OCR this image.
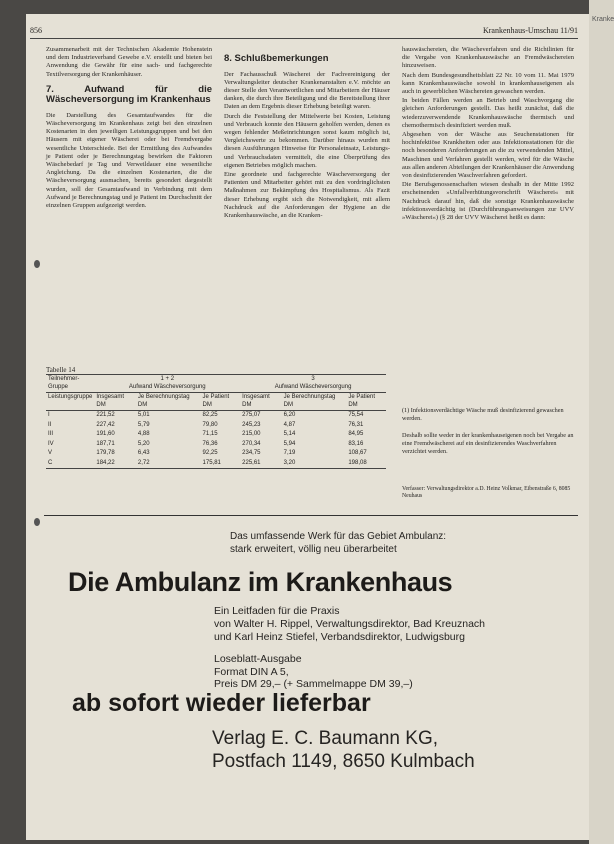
Kranke
856	Krankenhaus-Umschau 11/91

Zusammenarbeit mit der Technischen Akademie Hohenstein und dem Industrieverband Gewebe e.V. erstellt und bieten bei Anwendung die Gewähr für eine sach- und fachgerechte Textilversorgung der Krankenhäuser.

7. Aufwand für die Wäscheversorgung im Krankenhaus

Die Darstellung des Gesamtaufwandes für die Wäscheversorgung im Krankenhaus zeigt bei den einzelnen Kostenarten in den jeweiligen Leistungsgruppen und bei den Häusern mit eigener Wäscherei oder bei Fremdvergabe wesentliche Unterschiede. Bei der Ermittlung des Aufwandes je Patient oder je Berechnungstag bewirken die Faktoren Wäschebedarf je Tag und Verweildauer eine wesentliche Angleichung. Da die einzelnen Kostenarten, die die Wäscheversorgung ausmachen, bereits gesondert dargestellt wurden, soll der Gesamtaufwand in Verbindung mit dem Aufwand je Berechnungstag und je Patient im Durchschnitt der einzelnen Gruppen aufgezeigt werden.

8. Schlußbemerkungen

Der Fachausschuß Wäscherei der Fachvereinigung der Verwaltungsleiter deutscher Krankenanstalten e.V. möchte an dieser Stelle den Verantwortlichen und Mitarbeitern der Häuser danken, die durch ihre Beteiligung und die Bereitstellung ihrer Daten an dem Ergebnis dieser Erhebung beteiligt waren.

Durch die Feststellung der Mittelwerte bei Kosten, Leistung und Verbrauch konnte den Häusern geholfen werden, denen es wegen fehlender Meßeinrichtungen sonst kaum möglich ist, Vergleichswerte zu bekommen. Darüber hinaus wurden mit diesen Ausführungen Hinweise für Personaleinsatz, Leistungs- und Verbrauchsdaten vermittelt, die eine Überprüfung des eigenen Betriebes möglich machen.

Eine geordnete und fachgerechte Wäscheversorgung der Patienten und Mitarbeiter gehört mit zu den vordringlichsten Maßnahmen zur Bekämpfung des Hospitalismus. Als Fazit dieser Erhebung ergibt sich die Notwendigkeit, mit allem Nachdruck auf die Anforderungen der Hygiene an die Krankenhauswäsche, an die Kranken-

hauswäschereien, die Wäscheverfahren und die Richtlinien für die Vergabe von Krankenhauswäsche an Fremdwäschereien hinzuweisen.

Nach dem Bundesgesundheitsblatt 22 Nr. 10 vom 11. Mai 1979 kann Krankenhauswäsche sowohl in krankenhauseigenen als auch in gewerblichen Wäschereien gewaschen werden.

In beiden Fällen werden an Betrieb und Waschvorgang die gleichen Anforderungen gestellt. Das heißt zunächst, daß die wiederzuverwendende Krankenhauswäsche thermisch und chemothermisch desinfiziert werden muß.

Abgesehen von der Wäsche aus Seuchenstationen für hochinfektiöse Krankheiten oder aus Infektionsstationen für die noch besonderen Anforderungen an die zu verwendenden Mittel, Maschinen und Verfahren gestellt werden, wird für die Wäsche aus allen anderen Abteilungen der Krankenhäuser die Anwendung von desinfizierenden Waschverfahren gefordert.

Die Berufsgenossenschaften wiesen deshalb in der Mitte 1992 erscheinenden »Unfallverhütungsvorschrift Wäscherei« mit Nachdruck darauf hin, daß die sonstige Krankenhauswäsche infektionsverdächtig ist (Durchführungsanweisungen zur UVV »Wäscherei«) (§ 28 der UVV Wäscherei heißt es dann:

(1) Infektionsverdächtige Wäsche muß desinfizierend gewaschen werden.
Deshalb sollte weder in der krankenhauseigenen noch bei Vergabe an eine Fremdwäscherei auf ein desinfizierendes Waschverfahren verzichtet werden.
Verfasser: Verwaltungsdirektor a.D. Heinz Volkmar, Eibenstraße 6, 8085 Neuhaus
Tabelle 14
Teilnehmer-Gruppe	1 + 2
Aufwand Wäscheversorgung			3
Aufwand Wäscheversorgung		
Leistungsgruppe	Insgesamt DM	Je Berechnungstag DM	Je Patient DM	Insgesamt DM	Je Berechnungstag DM	Je Patient DM
I	221,52	5,01	82,25	275,07	6,20	75,54
II	227,42	5,79	79,80	245,23	4,87	76,31
III	191,60	4,88	71,15	215,00	5,14	84,95
IV	187,71	5,20	76,36	270,34	5,94	83,16
V	179,78	6,43	92,25	234,75	7,19	108,67
C	184,22	2,72	175,81	225,61	3,20	198,08
Das umfassende Werk für das Gebiet Ambulanz:
stark erweitert, völlig neu überarbeitet
Die Ambulanz im Krankenhaus
Ein Leitfaden für die Praxis
von Walter H. Rippel, Verwaltungsdirektor, Bad Kreuznach
und Karl Heinz Stiefel, Verbandsdirektor, Ludwigsburg
Loseblatt-Ausgabe
Format DIN A 5,
Preis DM 29,– (+ Sammelmappe DM 39,–)
ab sofort wieder lieferbar
Verlag E. C. Baumann KG,
Postfach 1149, 8650 Kulmbach
